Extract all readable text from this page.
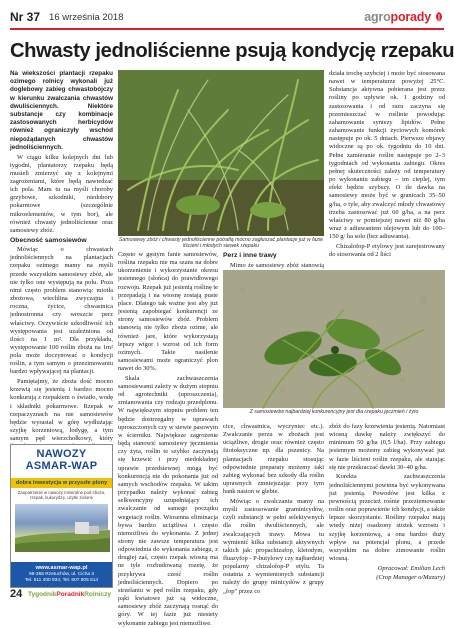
Nr 37 16 września 2018	agro porady
Chwasty jednoliścienne psują kondycję rzepaku

Na wiekszości plantacji rzepaku ozimego rolnicy wykonali już doglebowy zabieg chwastobójczy w kierunku zwalczania chwastów dwuliściennych. Niektóre substancje czy kombinacje zastosowanych herbicydów również ograniczyły wschód niepożądanych chwastów jednoliściennych.

W ciągu kilku kolejnych dni lub tygodni, plantatorzy rzepaku będą musieli zmierzyć się z kolejnymi zagrożeniami, które będą nawiedzać ich pola. Mam tu na myśli choroby grzybowe, szkodniki, niedobory pokarmowe (szczególnie mikroelementów, w tym bor), ale również chwasty jednoliścienne oraz samosiewy zbóż.

Obecność samosiewów

Mówiąc o chwastach jednoliściennych na plantacjach rzepaku ozimego mamy na myśli przede wszystkim samosiewy zbóż, ale nie tylko one występują na polu. Poza nimi często problem stanowią: miotła zbożowa, wiechlina zwyczajna i roczna, życice, chwastnica jednostronna czy wreszcie perz właściwy. Oczywiście szkodliwość ich występowania jest uzależniona od ilości na 1 m². Dla przykładu, występowanie 100 roślin zboża na 1m² pola może doczynować o kondycji roślin, a tym samym o przezimowaniu bardzo wpływającej na plantacji.

Pamiętajmy, że zboża dość mocno krzewią się jesienią i bardzo mocno konkurują z rzepakiem o światło, wodę i składniki pokarmowe. Rzepak w rzepaczyznach na nie samosiewów będzie wyrastał w górę wydłużając szyjkę korzeniową, łodygę, a tym samym pęd wierzchołkowy, który

Samosiewy zbóż i chwasty jednoliścienne potrafią mocno zagłuszać plantacje już w fazie liścieni i młodych siewek rzepaku

Często w gęstym fanie samosiewów, roślina rzepaku nie ma szans na dobre ukorzenienie i wykorzystanie okresu jesiennego (słońca) do prawidłowego rozwoju. Rzepak już jesienią roślinę te przepadają i na wiosnę zostają puste place. Dlatego tak ważne jest aby już jesienią zapobiegać konkurencji ze strony samosiewów zbóż. Problem stanowią nie tylko zboża ozime, ale również jare, które wykorzystają lepszy wigor i wzrost od ich form ozimych. Takie nasilenie samosiewami może ograniczyć plon nawet do 30%.

Skala zachwaszczenia samosiewami zależy w dużym stopniu od agrotechniki (uproszczenia), zmianowania czy rodzaju przedplonu. W największym stopniu problem ten będzie dostrzegalny w uprawach uproszczonych czy w siewie pasowym w ścierniku. Największe zagrożenie będą stanowić samosiewy jęczmienia czy żyta, roślin te szybko zaczynają się krzewić i przy niedokładnej uprawie przedsiewnej mogą być konkurencją nie do pokonania już od samych wschodów rzepaku. W takim przypadku należy wykonać zabieg selkwencyjny uzupełniający ich zwalczanie od samego początku wegetacji roślin. Wiosenna eliminacja bywa bardzo uciążliwa i często niemożliwa do wykonania. Z jednej strony nie zawsze temperatura jest odpowiednia do wykonania zabiegu, z drugiej zaś, często rzepak wiosną ma ne tyle rozbudowaną rozetę, że przykrywa cześć roślin jednoliściennych. Dopiero po strzelaniu w pęd roślin rzepaku, gdy pąki kwiatowe już są widoczne, samosiewy zbóż zaczynają rosnąć do góry. W tej fazie już niestety wykonanie zabiegu jest niemożliwe.

Perz i inne trawy

Mimo że samosiewy zbóż stanowią

działa trochę szybciej i może być stosowana nawet w temperaturze powyżej 25°C. Substancja aktywna pobierana jest przez rośliny po upływie ok. 1 godziny od zastosowania i od razu zaczyna się przemieszczać w roślinie powodując zahamowanie syntezy lipidów. Pełne zahamowanie funkcji życiowych komórek następuje po ok. 5 dniach. Pierwsze objawy widoczne są po ok. tygodniu do 10 dni. Pełne zamieranie roślin następuje po 2–3 tygodniach od wykonania zabiegu. Okres pełnej skuteczności zależy od temperatury po wykonaniu zabiegu – im cieplej, tym efekt będzie szybszy. O ile dawka na samosiewy może być w granicach 35–50 g/ha, o tyle, aby zwalczyć młody chwastowy trzeba zastosować już 60 g/ha, a na perz właściwy w pomiejszej nawet niż 80 g/ha wraz z adiuwantem olejowym lub do 100–150 g/ ha solo (bez adiuwanta).

Chizalofop-P etylowy jest zarejestrowany do stosowania od 2 liści

Z samosiewów najbardziej konkurencyjny jest dla rzepaku jęczmień i żyto

cice, chwastnica, wyczyniec etc.). Zwalczanie perzu w zbożach jest uciążliwe, drogie oraz również często fitotoksyczne np. dla pszenicy. Na plantacjach rzepaku stosując odpowiednie preparaty możemy taki zabieg wykonać bez szkody dla roślin uprawnych zmniejszając przy tym bank nasion w glebie.

Mówiąc o zwalczaniu mamy na myśli zastosowanie graminicydów, czyli substancji w pełni selektywnych dla roślin dwuliściennych, ale zwalczających trawy. Mowa tu wymienić kilka substancji aktywnych takich jak: propachizafop, kletodym, fluazyfop - P-butylowy czy najbardziej popularny chizalofop-P etylu. Ta ostatnia z wymienionych substancji należy do grupy minicydów z grupy „fop" przez co

zbóż do fazy krzewienia jesienią. Natomiast wiosną dawkę należy zwiększyć do minimum 50 g/ha (0,5 l/ha). Przy zabiegu jesiennym możemy zabieg wykonywać już w fazie liścieni roślin rzepaku, ale starając się nie przekraczać dawki 30–40 g/ha.

Korekta zachwaszczenia jednoliściennymi powinna być wykonywana już jesienią. Powodów jest kilka z pewnością przecież rośnie przeziemowanie roślin oraz poprawienie ich kondycji, a także lepsze skorzystanie. Rośliny rzepaku mają wtedy niżej osadzony stożek wzrostu i szyjkę korzeniową, a ona bardzo duży wpływ na potencjał plonu, a przede wszystkim na dobre zimowanie roślin wiosną.

Opracował: Emilian Lech

(Crop Manager o/Mazury)

NAWOZY
ASMAR-WAP
dobra inwestycja w przyszłe plony
Zaopatrzenie w nawozy mineralne pod zboża, rzepak, kukurydzę, użytki zielone
www.asmar-wap.pl
98-355 Rzetuchów, ul. Cicha 3
Tel. 511 400 934, Tel. 607 605 514
24 TygodnikPoradnikRolniczy
